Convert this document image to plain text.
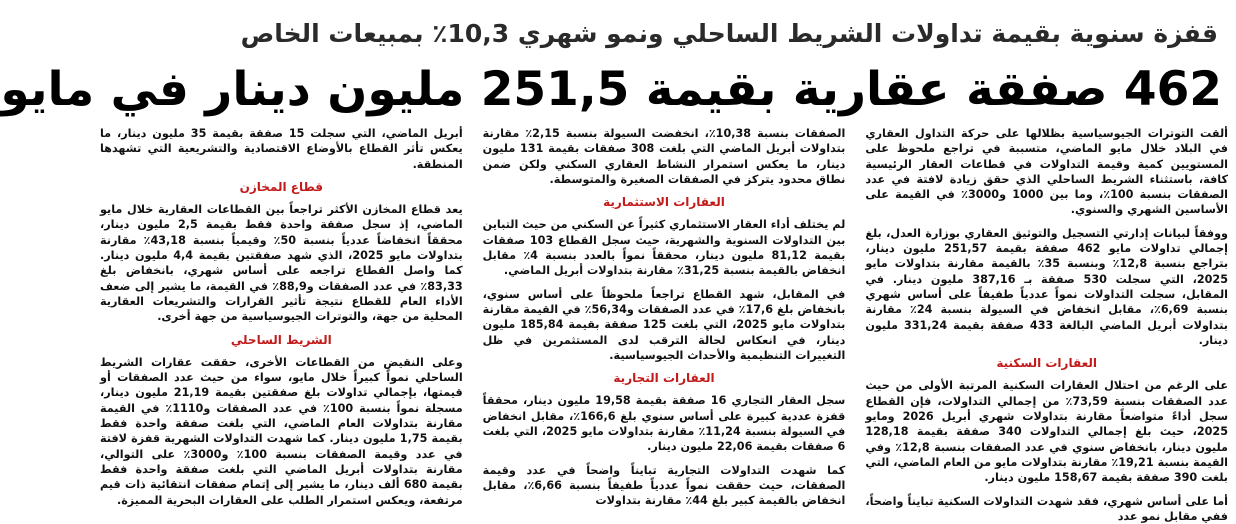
قفزة سنوية بقيمة تداولات الشريط الساحلي ونمو شهري 10,3٪ بمبيعات الخاص
462 صفقة عقارية بقيمة 251,5 مليون دينار في مايو

ألقت التوترات الجيوسياسية بظلالها على حركة التداول العقاري في البلاد خلال مايو الماضي، متسببة في تراجع ملحوظ على المستويين كمية وقيمة التداولات في قطاعات العقار الرئيسية كافة، باستثناء الشريط الساحلي الذي حقق زيادة لافتة في عدد الصفقات بنسبة 100٪، وما بين 1000 و3000٪ في القيمة على الأساسين الشهري والسنوي.

ووفقاً لبيانات إدارتي التسجيل والتوثيق العقاري بوزارة العدل، بلغ إجمالي تداولات مايو 462 صفقة بقيمة 251,57 مليون دينار، بتراجع بنسبة 12,8٪ وبنسبة 35٪ بالقيمة مقارنة بتداولات مايو 2025، التي سجلت 530 صفقة بـ 387,16 مليون دينار. في المقابل، سجلت التداولات نمواً عددياً طفيفاً على أساس شهري بنسبة 6,69٪، مقابل انخفاض في السيولة بنسبة 24٪ مقارنة بتداولات أبريل الماضي البالغة 433 صفقة بقيمة 331,24 مليون دينار.

العقارات السكنية

على الرغم من احتلال العقارات السكنية المرتبة الأولى من حيث عدد الصفقات بنسبة 73,59٪ من إجمالي التداولات، فإن القطاع سجل أداءً متواضعاً مقارنة بتداولات شهري أبريل 2026 ومايو 2025، حيث بلغ إجمالي التداولات 340 صفقة بقيمة 128,18 مليون دينار، بانخفاض سنوي في عدد الصفقات بنسبة 12,8٪ وفي القيمة بنسبة 19,21٪ مقارنة بتداولات مايو من العام الماضي، التي بلغت 390 صفقة بقيمة 158,67 مليون دينار.

أما على أساس شهري، فقد شهدت التداولات السكنية تبايناً واضحاً، ففي مقابل نمو عدد

الصفقات بنسبة 10,38٪، انخفضت السيولة بنسبة 2,15٪ مقارنة بتداولات أبريل الماضي التي بلغت 308 صفقات بقيمة 131 مليون دينار، ما يعكس استمرار النشاط العقاري السكني ولكن ضمن نطاق محدود يتركز في الصفقات الصغيرة والمتوسطة.

العقارات الاستثمارية

لم يختلف أداء العقار الاستثماري كثيراً عن السكني من حيث التباين بين التداولات السنوية والشهرية، حيث سجل القطاع 103 صفقات بقيمة 81,12 مليون دينار، محققاً نمواً بالعدد بنسبة 4٪ مقابل انخفاض بالقيمة بنسبة 31,25٪ مقارنة بتداولات أبريل الماضي.

في المقابل، شهد القطاع تراجعاً ملحوظاً على أساس سنوي، بانخفاض بلغ 17,6٪ في عدد الصفقات و56,34٪ في القيمة مقارنة بتداولات مايو 2025، التي بلغت 125 صفقة بقيمة 185,84 مليون دينار، في انعكاس لحالة الترقب لدى المستثمرين في ظل التغييرات التنظيمية والأحداث الجيوسياسية.

العقارات التجارية

سجل العقار التجاري 16 صفقة بقيمة 19,58 مليون دينار، محققاً قفزة عددية كبيرة على أساس سنوي بلغ 166,6٪، مقابل انخفاض في السيولة بنسبة 11,24٪ مقارنة بتداولات مايو 2025، التي بلغت 6 صفقات بقيمة 22,06 مليون دينار.

كما شهدت التداولات التجارية تبايناً واضحاً في عدد وقيمة الصفقات، حيث حققت نمواً عددياً طفيفاً بنسبة 6,66٪، مقابل انخفاض بالقيمة كبير بلغ 44٪ مقارنة بتداولات

أبريل الماضي، التي سجلت 15 صفقة بقيمة 35 مليون دينار، ما يعكس تأثر القطاع بالأوضاع الاقتصادية والتشريعية التي تشهدها المنطقة.

قطاع المخازن

يعد قطاع المخازن الأكثر تراجعاً بين القطاعات العقارية خلال مايو الماضي، إذ سجل صفقة واحدة فقط بقيمة 2,5 مليون دينار، محققاً انخفاضاً عددياً بنسبة 50٪ وقيمياً بنسبة 43,18٪ مقارنة بتداولات مايو 2025، الذي شهد صفقتين بقيمة 4,4 مليون دينار. كما واصل القطاع تراجعه على أساس شهري، بانخفاض بلغ 83,33٪ في عدد الصفقات و88,9٪ في القيمة، ما يشير إلى ضعف الأداء العام للقطاع نتيجة تأثير القرارات والتشريعات العقارية المحلية من جهة، والتوترات الجيوسياسية من جهة أخرى.

الشريط الساحلي

وعلى النقيض من القطاعات الأخرى، حققت عقارات الشريط الساحلي نمواً كبيراً خلال مايو، سواء من حيث عدد الصفقات أو قيمتها، بإجمالي تداولات بلغ صفقتين بقيمة 21,19 مليون دينار، مسجلة نمواً بنسبة 100٪ في عدد الصفقات و1110٪ في القيمة مقارنة بتداولات العام الماضي، التي بلغت صفقة واحدة فقط بقيمة 1,75 مليون دينار. كما شهدت التداولات الشهرية قفزة لافتة في عدد وقيمة الصفقات بنسبة 100٪ و3000٪ على التوالي، مقارنة بتداولات أبريل الماضي التي بلغت صفقة واحدة فقط بقيمة 680 ألف دينار، ما يشير إلى إتمام صفقات انتقائية ذات قيم مرتفعة، ويعكس استمرار الطلب على العقارات البحرية المميزة.
